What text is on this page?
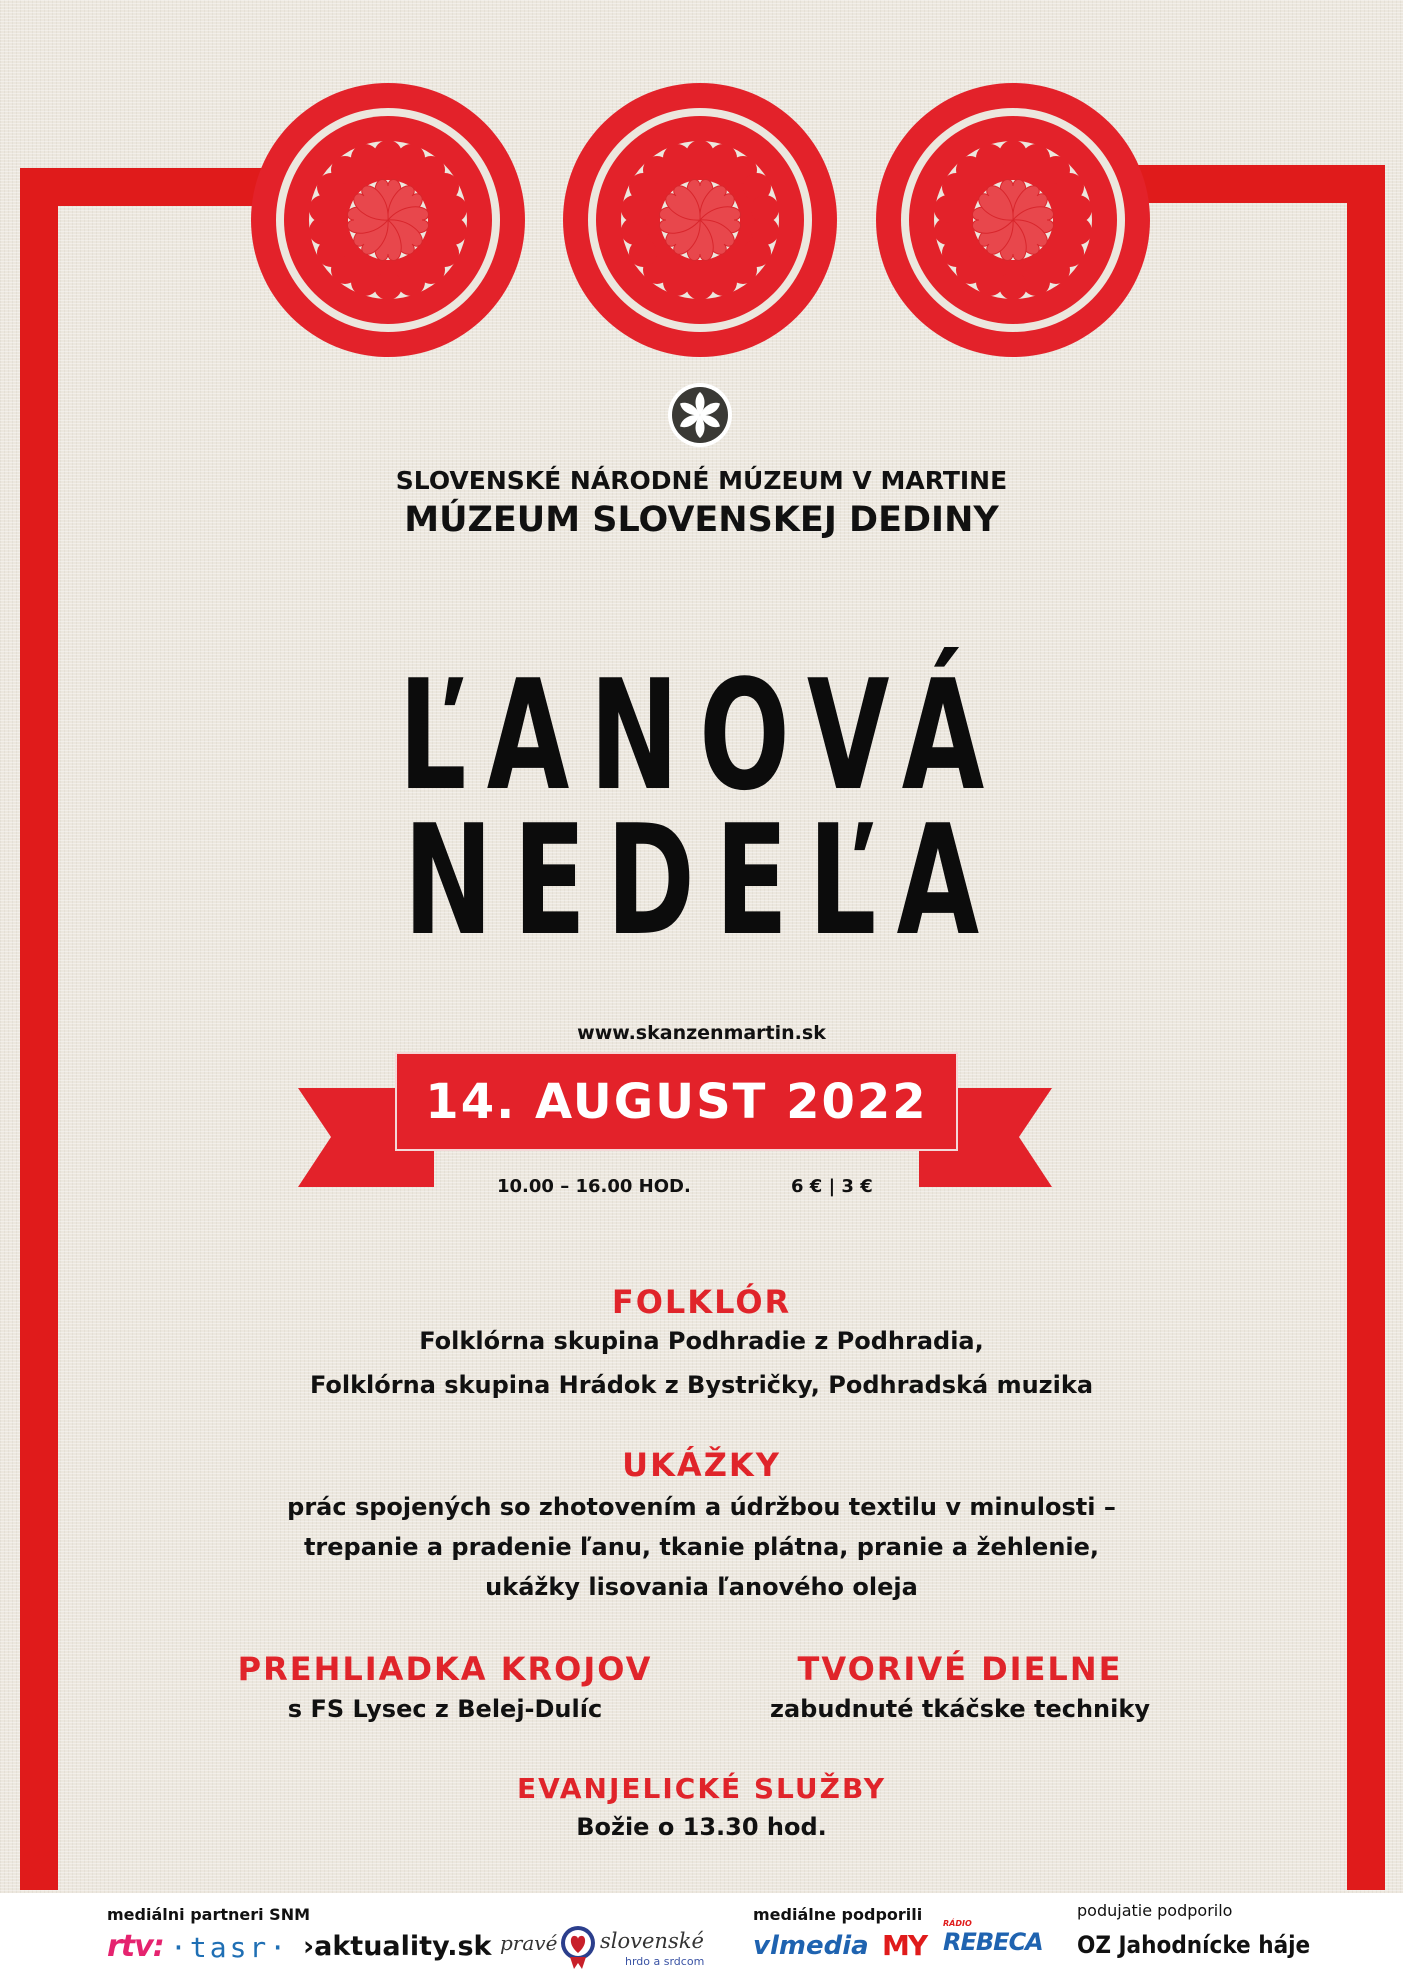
SLOVENSKÉ NÁRODNÉ MÚZEUM V MARTINE
MÚZEUM SLOVENSKEJ DEDINY
ĽANOVÁ
NEDEĽA
www.skanzenmartin.sk
14. AUGUST 2022
10.00 – 16.00 HOD.	6 € | 3 €
FOLKLÓR
Folklórna skupina Podhradie z Podhradia,
Folklórna skupina Hrádok z Bystričky, Podhradská muzika
UKÁŽKY
prác spojených so zhotovením a údržbou textilu v minulosti –
trepanie a pradenie ľanu, tkanie plátna, pranie a žehlenie,
ukážky lisovania ľanového oleja
PREHLIADKA KROJOV
s FS Lysec z Belej-Dulíc
TVORIVÉ DIELNE
zabudnuté tkáčske techniky
EVANJELICKÉ SLUŽBY
Božie o 13.30 hod.
mediálni partneri SNM
rtv: ·tasr· ›aktuality.sk pravé slovenské
hrdo a srdcom
mediálne podporili
vlmedia MY
RÁDIO
REBECA
podujatie podporilo
OZ Jahodnícke háje
